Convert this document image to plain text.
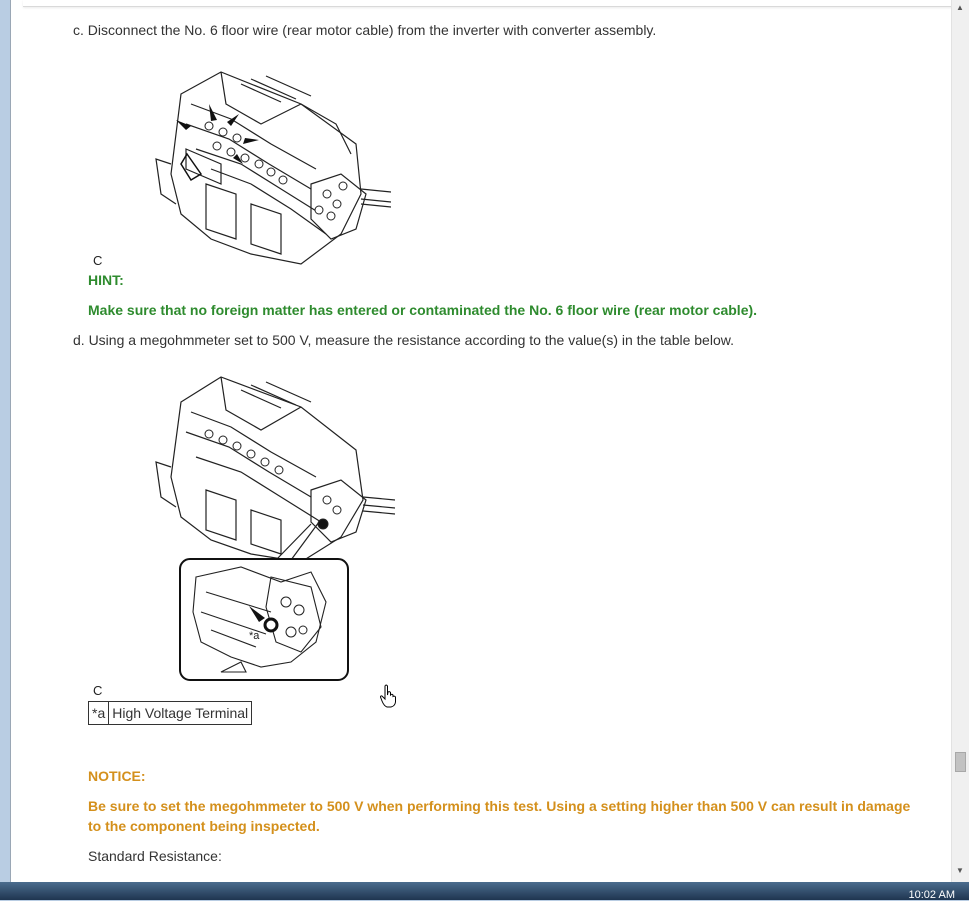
c. Disconnect the No. 6 floor wire (rear motor cable) from the inverter with converter assembly.
C
HINT:
Make sure that no foreign matter has entered or contaminated the No. 6 floor wire (rear motor cable).
d. Using a megohmmeter set to 500 V, measure the resistance according to the value(s) in the table below.
*a
C
*a	High Voltage Terminal
NOTICE:
Be sure to set the megohmmeter to 500 V when performing this test. Using a setting higher than 500 V can result in damage to the component being inspected.
Standard Resistance:
▲
▼
10:02 AM
